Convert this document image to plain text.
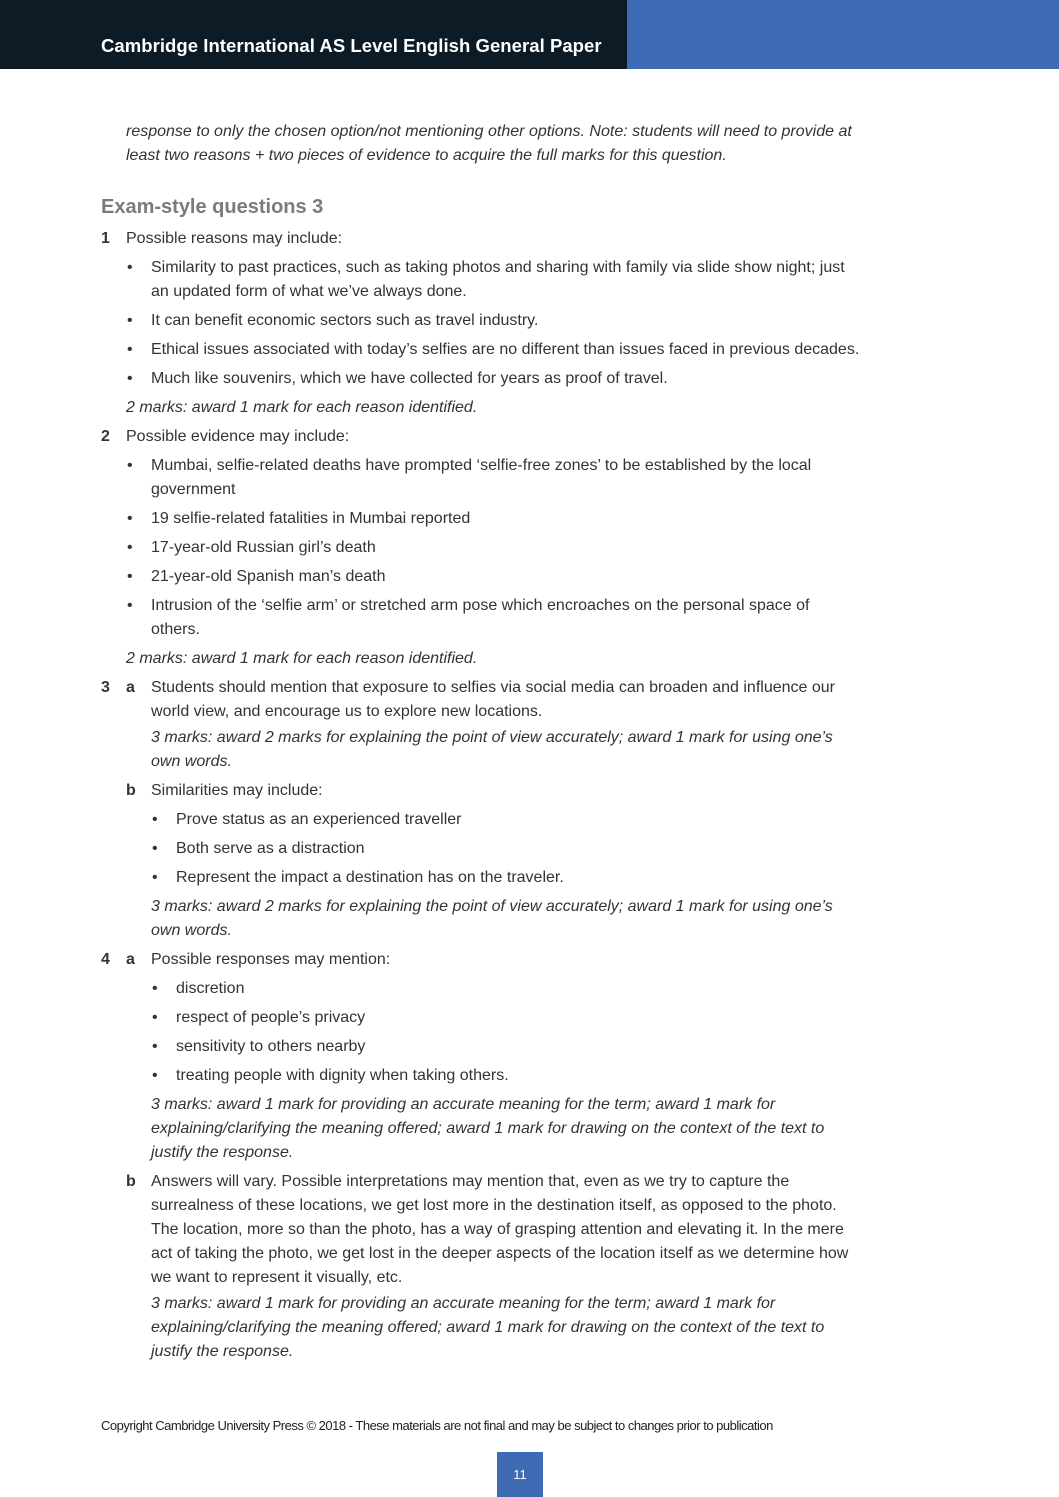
Cambridge International AS Level English General Paper

response to only the chosen option/not mentioning other options. Note: students will need to provide at least two reasons + two pieces of evidence to acquire the full marks for this question.

Exam-style questions 3
1 Possible reasons may include:
• Similarity to past practices, such as taking photos and sharing with family via slide show night; just an updated form of what we’ve always done.
• It can benefit economic sectors such as travel industry.
• Ethical issues associated with today’s selfies are no different than issues faced in previous decades.
• Much like souvenirs, which we have collected for years as proof of travel.
2 marks: award 1 mark for each reason identified.
2 Possible evidence may include:
• Mumbai, selfie-related deaths have prompted ‘selfie-free zones’ to be established by the local government
• 19 selfie-related fatalities in Mumbai reported
• 17-year-old Russian girl’s death
• 21-year-old Spanish man’s death
• Intrusion of the ‘selfie arm’ or stretched arm pose which encroaches on the personal space of others.
2 marks: award 1 mark for each reason identified.
3 a Students should mention that exposure to selfies via social media can broaden and influence our world view, and encourage us to explore new locations.
3 marks: award 2 marks for explaining the point of view accurately; award 1 mark for using one’s own words.
b Similarities may include:
• Prove status as an experienced traveller
• Both serve as a distraction
• Represent the impact a destination has on the traveler.
3 marks: award 2 marks for explaining the point of view accurately; award 1 mark for using one’s own words.
4 a Possible responses may mention:
• discretion
• respect of people’s privacy
• sensitivity to others nearby
• treating people with dignity when taking others.
3 marks: award 1 mark for providing an accurate meaning for the term; award 1 mark for explaining/clarifying the meaning offered; award 1 mark for drawing on the context of the text to justify the response.
b Answers will vary. Possible interpretations may mention that, even as we try to capture the surrealness of these locations, we get lost more in the destination itself, as opposed to the photo. The location, more so than the photo, has a way of grasping attention and elevating it. In the mere act of taking the photo, we get lost in the deeper aspects of the location itself as we determine how we want to represent it visually, etc.
3 marks: award 1 mark for providing an accurate meaning for the term; award 1 mark for explaining/clarifying the meaning offered; award 1 mark for drawing on the context of the text to justify the response.
Copyright Cambridge University Press © 2018 - These materials are not final and may be subject to changes prior to publication
11
